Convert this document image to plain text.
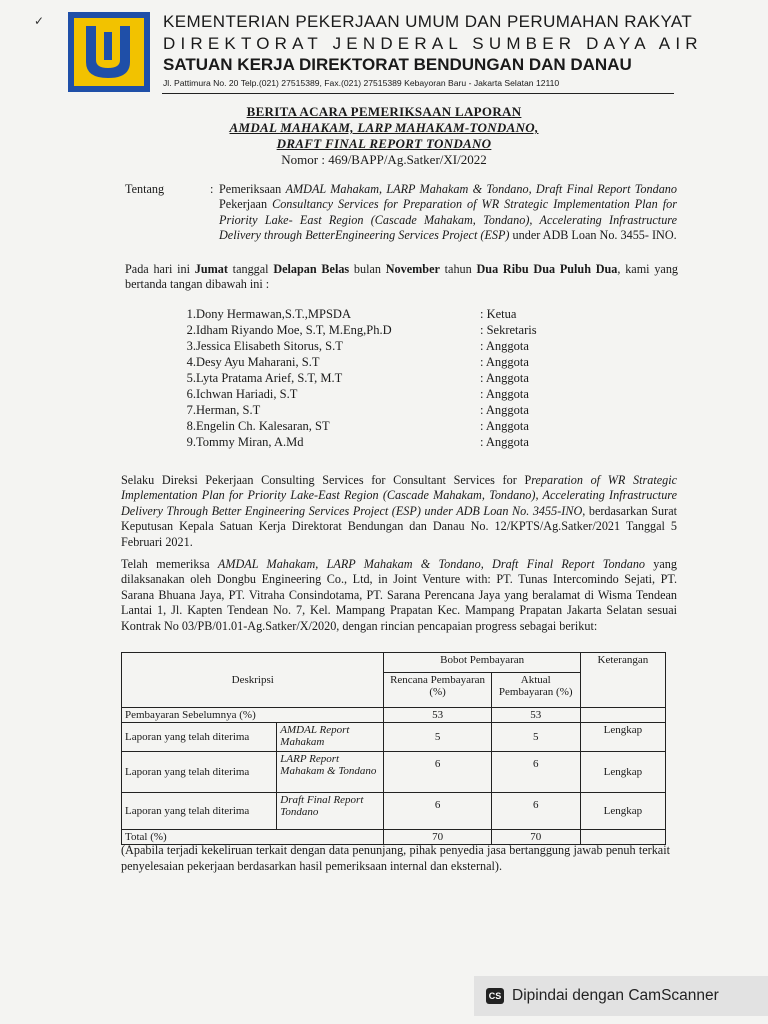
✓	KEMENTERIAN PEKERJAAN UMUM DAN PERUMAHAN RAKYAT
DIREKTORAT JENDERAL SUMBER DAYA AIR
SATUAN KERJA DIREKTORAT BENDUNGAN DAN DANAU
Jl. Pattimura No. 20 Telp.(021) 27515389, Fax.(021) 27515389 Kebayoran Baru - Jakarta Selatan 12110
BERITA ACARA PEMERIKSAAN LAPORAN
AMDAL MAHAKAM, LARP MAHAKAM-TONDANO,
DRAFT FINAL REPORT TONDANO
Nomor : 469/BAPP/Ag.Satker/XI/2022
Tentang	: Pemeriksaan AMDAL Mahakam, LARP Mahakam & Tondano, Draft Final Report Tondano Pekerjaan Consultancy Services for Preparation of WR Strategic Implementation Plan for Priority Lake- East Region (Cascade Mahakam, Tondano), Accelerating Infrastructure Delivery through BetterEngineering Services Project (ESP) under ADB Loan No. 3455- INO.
Pada hari ini Jumat tanggal Delapan Belas bulan November tahun Dua Ribu Dua Puluh Dua, kami yang bertanda tangan dibawah ini :
1. Dony Hermawan,S.T.,MPSDA	: Ketua
2. Idham Riyando Moe, S.T, M.Eng,Ph.D	: Sekretaris
3. Jessica Elisabeth Sitorus, S.T	: Anggota
4. Desy Ayu Maharani, S.T	: Anggota
5. Lyta Pratama Arief, S.T, M.T	: Anggota
6. Ichwan Hariadi, S.T	: Anggota
7. Herman, S.T	: Anggota
8. Engelin Ch. Kalesaran, ST	: Anggota
9. Tommy Miran, A.Md	: Anggota
Selaku Direksi Pekerjaan Consulting Services for Consultant Services for Preparation of WR Strategic Implementation Plan for Priority Lake-East Region (Cascade Mahakam, Tondano), Accelerating Infrastructure Delivery Through Better Engineering Services Project (ESP) under ADB Loan No. 3455-INO, berdasarkan Surat Keputusan Kepala Satuan Kerja Direktorat Bendungan dan Danau No. 12/KPTS/Ag.Satker/2021 Tanggal 5 Februari 2021.
Telah memeriksa AMDAL Mahakam, LARP Mahakam & Tondano, Draft Final Report Tondano yang dilaksanakan oleh Dongbu Engineering Co., Ltd, in Joint Venture with: PT. Tunas Intercomindo Sejati, PT. Sarana Bhuana Jaya, PT. Vitraha Consindotama, PT. Sarana Perencana Jaya yang beralamat di Wisma Tendean Lantai 1, Jl. Kapten Tendean No. 7, Kel. Mampang Prapatan Kec. Mampang Prapatan Jakarta Selatan sesuai Kontrak No 03/PB/01.01-Ag.Satker/X/2020, dengan rincian pencapaian progress sebagai berikut:
Deskripsi		Bobot Pembayaran		Keterangan
		Rencana Pembayaran (%)	Aktual Pembayaran (%)	
Pembayaran Sebelumnya (%)		53	53	
Laporan yang telah diterima	AMDAL Report Mahakam	5	5	Lengkap
Laporan yang telah diterima	LARP Report Mahakam & Tondano	6	6	Lengkap
Laporan yang telah diterima	Draft Final Report Tondano	6	6	Lengkap
Total (%)		70	70	
(Apabila terjadi kekeliruan terkait dengan data penunjang, pihak penyedia jasa bertanggung jawab penuh terkait penyelesaian pekerjaan berdasarkan hasil pemeriksaan internal dan eksternal).
CS Dipindai dengan CamScanner
